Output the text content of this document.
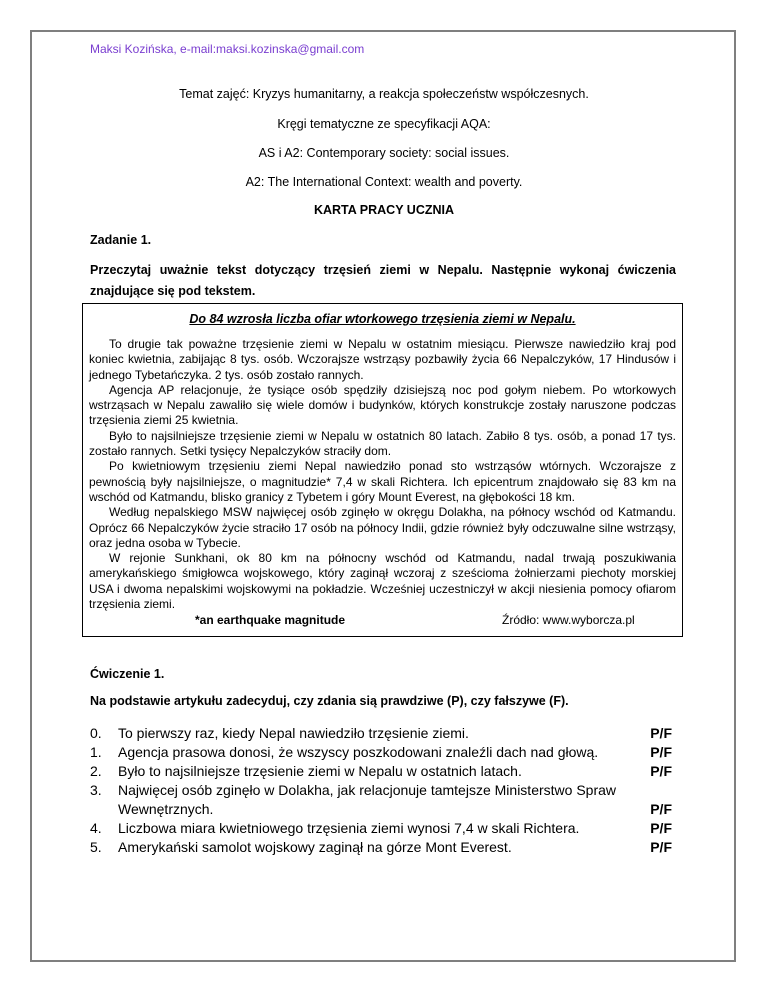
Maksi Kozińska, e-mail:maksi.kozinska@gmail.com
Temat zajęć: Kryzys humanitarny, a reakcja społeczeństw współczesnych.
Kręgi tematyczne ze specyfikacji AQA:
AS i A2: Contemporary society: social issues.
A2: The International Context: wealth and poverty.
KARTA PRACY UCZNIA
Zadanie 1.
Przeczytaj uważnie tekst dotyczący trzęsień ziemi w Nepalu. Następnie wykonaj ćwiczenia znajdujące się pod tekstem.
Do 84 wzrosła liczba ofiar wtorkowego trzęsienia ziemi w Nepalu.

To drugie tak poważne trzęsienie ziemi w Nepalu w ostatnim miesiącu. Pierwsze nawiedziło kraj pod koniec kwietnia, zabijając 8 tys. osób. Wczorajsze wstrząsy pozbawiły życia 66 Nepalczyków, 17 Hindusów i jednego Tybetańczyka. 2 tys. osób zostało rannych.

Agencja AP relacjonuje, że tysiące osób spędziły dzisiejszą noc pod gołym niebem. Po wtorkowych wstrząsach w Nepalu zawaliło się wiele domów i budynków, których konstrukcje zostały naruszone podczas trzęsienia ziemi 25 kwietnia.

Było to najsilniejsze trzęsienie ziemi w Nepalu w ostatnich 80 latach. Zabiło 8 tys. osób, a ponad 17 tys. zostało rannych. Setki tysięcy Nepalczyków straciły dom.

Po kwietniowym trzęsieniu ziemi Nepal nawiedziło ponad sto wstrząsów wtórnych. Wczorajsze z pewnością były najsilniejsze, o magnitudzie* 7,4 w skali Richtera. Ich epicentrum znajdowało się 83 km na wschód od Katmandu, blisko granicy z Tybetem i góry Mount Everest, na głębokości 18 km.

Według nepalskiego MSW najwięcej osób zginęło w okręgu Dolakha, na północy wschód od Katmandu. Oprócz 66 Nepalczyków życie straciło 17 osób na północy Indii, gdzie również były odczuwalne silne wstrząsy, oraz jedna osoba w Tybecie.

W rejonie Sunkhani, ok 80 km na północny wschód od Katmandu, nadal trwają poszukiwania amerykańskiego śmigłowca wojskowego, który zaginął wczoraj z sześcioma żołnierzami piechoty morskiej USA i dwoma nepalskimi wojskowymi na pokładzie. Wcześniej uczestniczył w akcji niesienia pomocy ofiarom trzęsienia ziemi.

*an earthquake magnitude	Źródło: www.wyborcza.pl
Ćwiczenie 1.
Na podstawie artykułu zadecyduj, czy zdania sią prawdziwe (P), czy fałszywe (F).
0. To pierwszy raz, kiedy Nepal nawiedziło trzęsienie ziemi.	P/F
1. Agencja prasowa donosi, że wszyscy poszkodowani znaleźli dach nad głową.	P/F
2. Było to najsilniejsze trzęsienie ziemi w Nepalu w ostatnich latach.	P/F
3. Najwięcej osób zginęło w Dolakha, jak relacjonuje tamtejsze Ministerstwo Spraw
Wewnętrznych.	P/F
4. Liczbowa miara kwietniowego trzęsienia ziemi wynosi 7,4 w skali Richtera.	P/F
5. Amerykański samolot wojskowy zaginął na górze Mont Everest.	P/F
